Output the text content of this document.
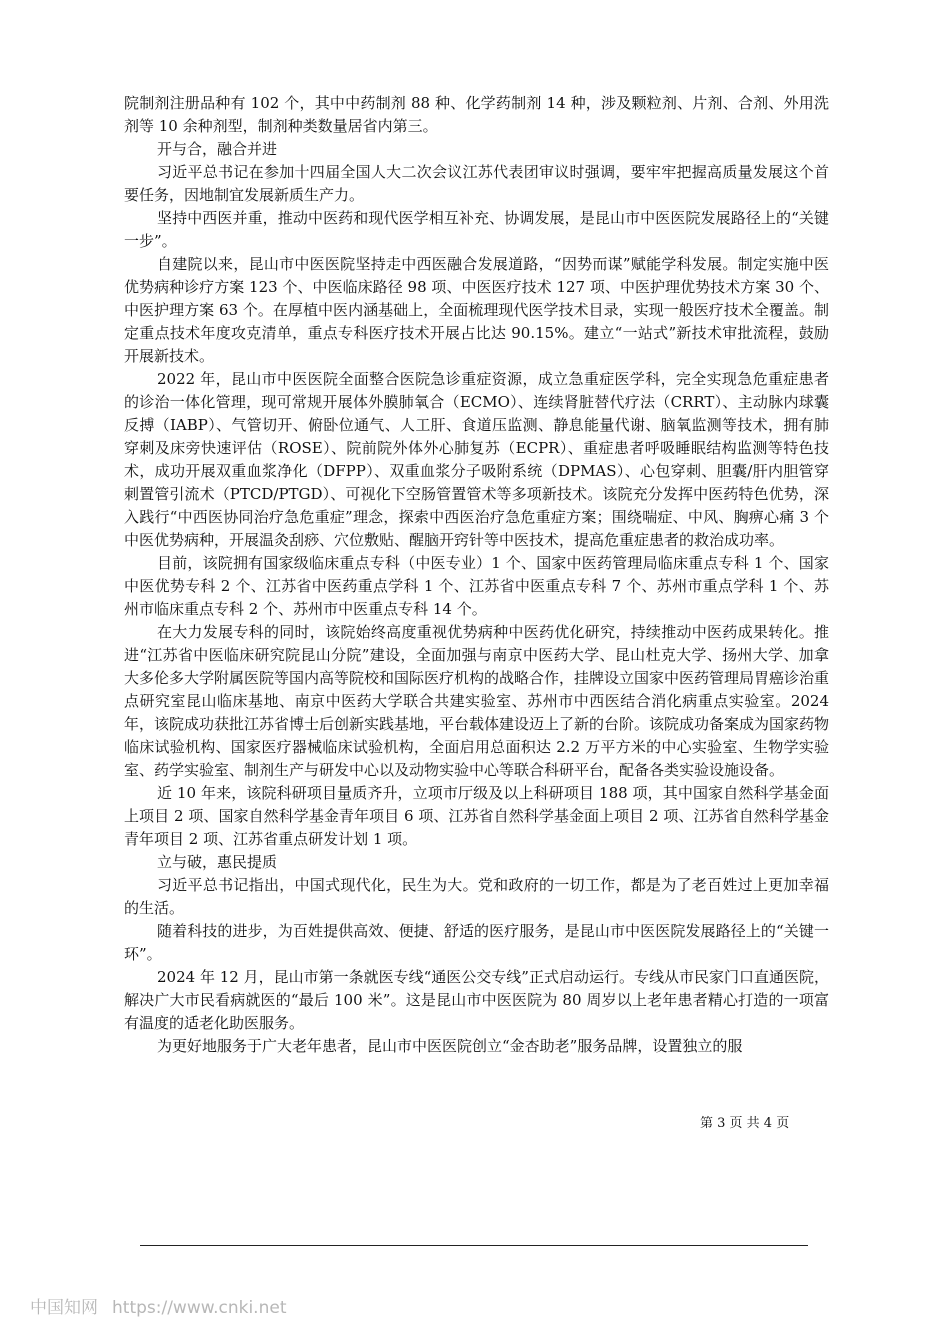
院制剂注册品种有 102 个，其中中药制剂 88 种、化学药制剂 14 种，涉及颗粒剂、片剂、合剂、外用洗剂等 10 余种剂型，制剂种类数量居省内第三。

开与合，融合并进

习近平总书记在参加十四届全国人大二次会议江苏代表团审议时强调，要牢牢把握高质量发展这个首要任务，因地制宜发展新质生产力。

坚持中西医并重，推动中医药和现代医学相互补充、协调发展，是昆山市中医医院发展路径上的“关键一步”。

自建院以来，昆山市中医医院坚持走中西医融合发展道路，“因势而谋”赋能学科发展。制定实施中医优势病种诊疗方案 123 个、中医临床路径 98 项、中医医疗技术 127 项、中医护理优势技术方案 30 个、中医护理方案 63 个。在厚植中医内涵基础上，全面梳理现代医学技术目录，实现一般医疗技术全覆盖。制定重点技术年度攻克清单，重点专科医疗技术开展占比达 90.15%。建立“一站式”新技术审批流程，鼓励开展新技术。

2022 年，昆山市中医医院全面整合医院急诊重症资源，成立急重症医学科，完全实现急危重症患者的诊治一体化管理，现可常规开展体外膜肺氧合（ECMO）、连续肾脏替代疗法（CRRT）、主动脉内球囊反搏（IABP）、气管切开、俯卧位通气、人工肝、食道压监测、静息能量代谢、脑氧监测等技术，拥有肺穿刺及床旁快速评估（ROSE）、院前院外体外心肺复苏（ECPR）、重症患者呼吸睡眠结构监测等特色技术，成功开展双重血浆净化（DFPP）、双重血浆分子吸附系统（DPMAS）、心包穿刺、胆囊/肝内胆管穿刺置管引流术（PTCD/PTGD）、可视化下空肠管置管术等多项新技术。该院充分发挥中医药特色优势，深入践行“中西医协同治疗急危重症”理念，探索中西医治疗急危重症方案；围绕喘症、中风、胸痹心痛 3 个中医优势病种，开展温灸刮痧、穴位敷贴、醒脑开窍针等中医技术，提高危重症患者的救治成功率。

目前，该院拥有国家级临床重点专科（中医专业）1 个、国家中医药管理局临床重点专科 1 个、国家中医优势专科 2 个、江苏省中医药重点学科 1 个、江苏省中医重点专科 7 个、苏州市重点学科 1 个、苏州市临床重点专科 2 个、苏州市中医重点专科 14 个。

在大力发展专科的同时，该院始终高度重视优势病种中医药优化研究，持续推动中医药成果转化。推进“江苏省中医临床研究院昆山分院”建设，全面加强与南京中医药大学、昆山杜克大学、扬州大学、加拿大多伦多大学附属医院等国内高等院校和国际医疗机构的战略合作，挂牌设立国家中医药管理局胃癌诊治重点研究室昆山临床基地、南京中医药大学联合共建实验室、苏州市中西医结合消化病重点实验室。2024 年，该院成功获批江苏省博士后创新实践基地，平台载体建设迈上了新的台阶。该院成功备案成为国家药物临床试验机构、国家医疗器械临床试验机构，全面启用总面积达 2.2 万平方米的中心实验室、生物学实验室、药学实验室、制剂生产与研发中心以及动物实验中心等联合科研平台，配备各类实验设施设备。

近 10 年来，该院科研项目量质齐升，立项市厅级及以上科研项目 188 项，其中国家自然科学基金面上项目 2 项、国家自然科学基金青年项目 6 项、江苏省自然科学基金面上项目 2 项、江苏省自然科学基金青年项目 2 项、江苏省重点研发计划 1 项。

立与破，惠民提质

习近平总书记指出，中国式现代化，民生为大。党和政府的一切工作，都是为了老百姓过上更加幸福的生活。

随着科技的进步，为百姓提供高效、便捷、舒适的医疗服务，是昆山市中医医院发展路径上的“关键一环”。

2024 年 12 月，昆山市第一条就医专线“通医公交专线”正式启动运行。专线从市民家门口直通医院，解决广大市民看病就医的“最后 100 米”。这是昆山市中医医院为 80 周岁以上老年患者精心打造的一项富有温度的适老化助医服务。

为更好地服务于广大老年患者，昆山市中医医院创立“金杏助老”服务品牌，设置独立的服

第 3 页 共 4 页
中国知网 https://www.cnki.net
